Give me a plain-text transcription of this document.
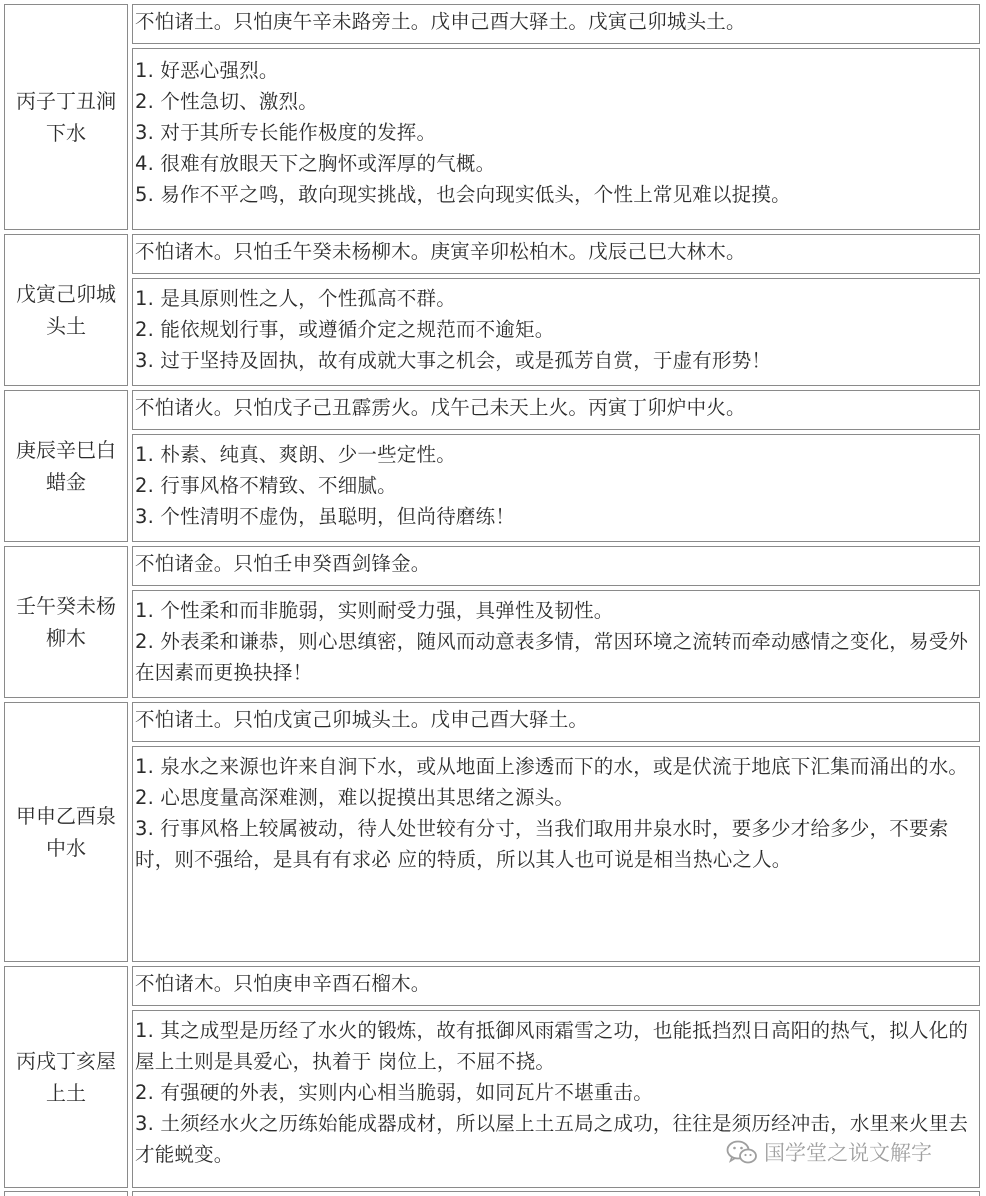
丙子丁丑涧下水
不怕诸土。只怕庚午辛未路旁土。戊申己酉大驿土。戊寅己卯城头土。
1. 好恶心强烈。
2. 个性急切、激烈。
3. 对于其所专长能作极度的发挥。
4. 很难有放眼天下之胸怀或浑厚的气概。
5. 易作不平之鸣，敢向现实挑战，也会向现实低头，个性上常见难以捉摸。
戊寅己卯城头土
不怕诸木。只怕壬午癸未杨柳木。庚寅辛卯松柏木。戊辰己巳大林木。
1. 是具原则性之人，个性孤高不群。
2. 能依规划行事，或遵循介定之规范而不逾矩。
3. 过于坚持及固执，故有成就大事之机会，或是孤芳自赏，于虚有形势！
庚辰辛巳白蜡金
不怕诸火。只怕戊子己丑霹雳火。戊午己未天上火。丙寅丁卯炉中火。
1. 朴素、纯真、爽朗、少一些定性。
2. 行事风格不精致、不细腻。
3. 个性清明不虚伪，虽聪明，但尚待磨练！
壬午癸未杨柳木
不怕诸金。只怕壬申癸酉剑锋金。
1. 个性柔和而非脆弱，实则耐受力强，具弹性及韧性。
2. 外表柔和谦恭，则心思缜密，随风而动意表多情，常因环境之流转而牵动感情之变化，易受外在因素而更换抉择！
甲申乙酉泉中水
不怕诸土。只怕戊寅己卯城头土。戊申己酉大驿土。
1. 泉水之来源也许来自涧下水，或从地面上渗透而下的水，或是伏流于地底下汇集而涌出的水。
2. 心思度量高深难测，难以捉摸出其思绪之源头。
3. 行事风格上较属被动，待人处世较有分寸，当我们取用井泉水时，要多少才给多少，不要索时，则不强给，是具有有求必 应的特质，所以其人也可说是相当热心之人。
丙戌丁亥屋上土
不怕诸木。只怕庚申辛酉石榴木。
1. 其之成型是历经了水火的锻炼，故有抵御风雨霜雪之功，也能抵挡烈日高阳的热气，拟人化的屋上土则是具爱心，执着于 岗位上，不屈不挠。
2. 有强硬的外表，实则内心相当脆弱，如同瓦片不堪重击。
3. 土须经水火之历练始能成器成材，所以屋上土五局之成功，往往是须历经冲击，水里来火里去才能蜕变。	国学堂之说文解字
